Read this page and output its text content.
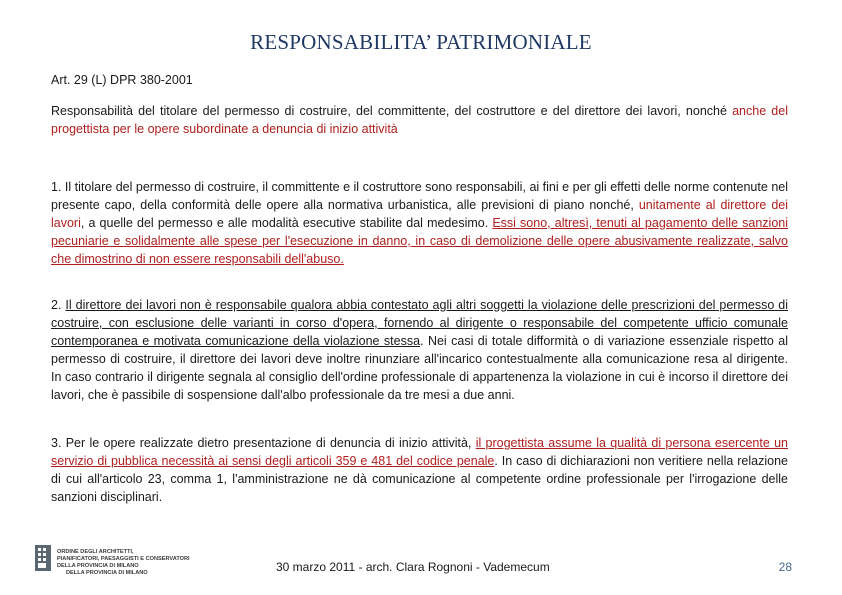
RESPONSABILITA’ PATRIMONIALE
Art. 29 (L) DPR 380-2001
Responsabilità del titolare del permesso di costruire, del committente, del costruttore e del direttore dei lavori, nonché anche del progettista per le opere subordinate a denuncia di inizio attività
1. Il titolare del permesso di costruire, il committente e il costruttore sono responsabili, ai fini e per gli effetti delle norme contenute nel presente capo, della conformità delle opere alla normativa urbanistica, alle previsioni di piano nonché, unitamente al direttore dei lavori, a quelle del permesso e alle modalità esecutive stabilite dal medesimo. Essi sono, altresì, tenuti al pagamento delle sanzioni pecuniarie e solidalmente alle spese per l'esecuzione in danno, in caso di demolizione delle opere abusivamente realizzate, salvo che dimostrino di non essere responsabili dell'abuso.
2. Il direttore dei lavori non è responsabile qualora abbia contestato agli altri soggetti la violazione delle prescrizioni del permesso di costruire, con esclusione delle varianti in corso d'opera, fornendo al dirigente o responsabile del competente ufficio comunale contemporanea e motivata comunicazione della violazione stessa. Nei casi di totale difformità o di variazione essenziale rispetto al permesso di costruire, il direttore dei lavori deve inoltre rinunziare all'incarico contestualmente alla comunicazione resa al dirigente. In caso contrario il dirigente segnala al consiglio dell'ordine professionale di appartenenza la violazione in cui è incorso il direttore dei lavori, che è passibile di sospensione dall'albo professionale da tre mesi a due anni.
3. Per le opere realizzate dietro presentazione di denuncia di inizio attività, il progettista assume la qualità di persona esercente un servizio di pubblica necessità ai sensi degli articoli 359 e 481 del codice penale. In caso di dichiarazioni non veritiere nella relazione di cui all'articolo 23, comma 1, l'amministrazione ne dà comunicazione al competente ordine professionale per l'irrogazione delle sanzioni disciplinari.
ORDINE DEGLI ARCHITETTI,
PIANIFICATORI, PAESAGGISTI E CONSERVATORI
DELLA PROVINCIA DI MILANO
DELLA PROVINCIA DI MILANO	30 marzo 2011 - arch. Clara Rognoni - Vademecum	28
